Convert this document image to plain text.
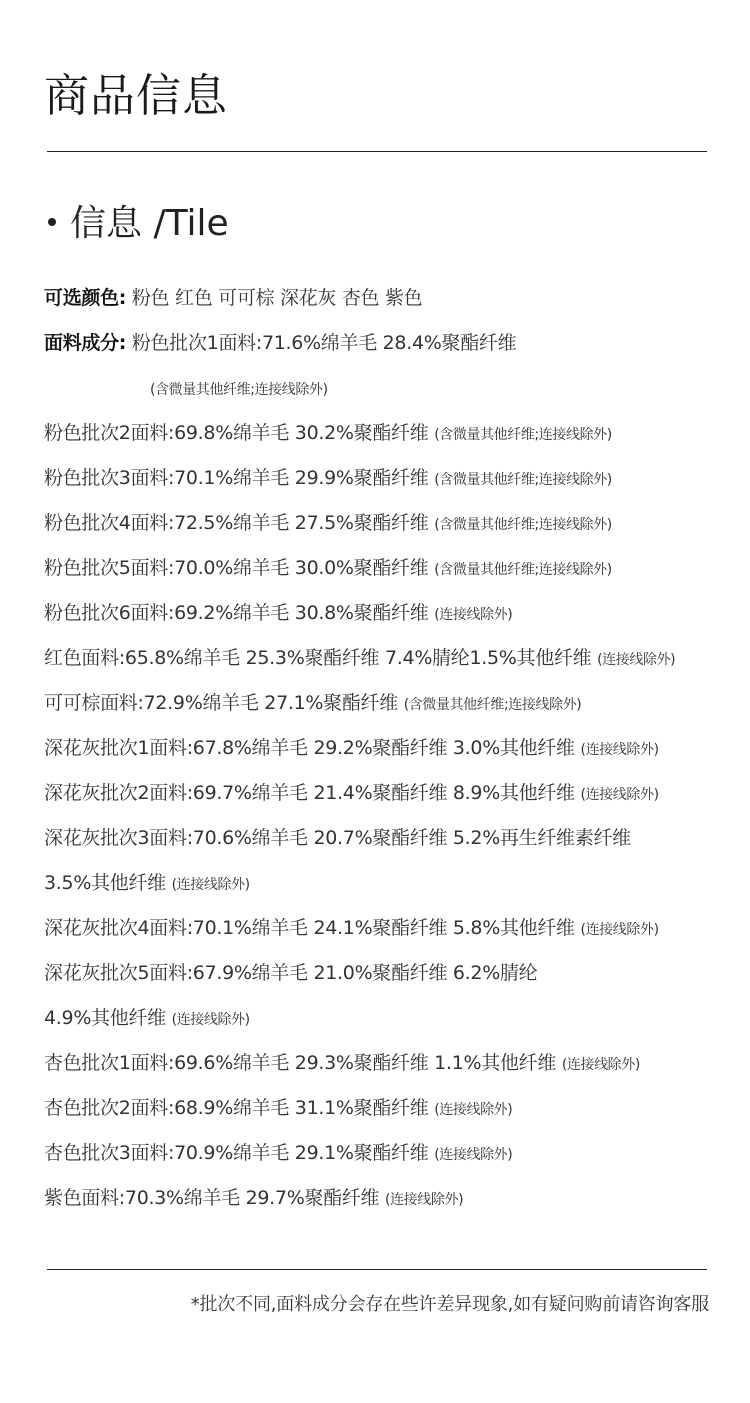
商品信息
信息 /Tile
可选颜色: 粉色 红色 可可棕 深花灰 杏色 紫色
面料成分: 粉色批次1面料:71.6%绵羊毛 28.4%聚酯纤维
(含微量其他纤维;连接线除外)
粉色批次2面料:69.8%绵羊毛 30.2%聚酯纤维 (含微量其他纤维;连接线除外)
粉色批次3面料:70.1%绵羊毛 29.9%聚酯纤维 (含微量其他纤维;连接线除外)
粉色批次4面料:72.5%绵羊毛 27.5%聚酯纤维 (含微量其他纤维;连接线除外)
粉色批次5面料:70.0%绵羊毛 30.0%聚酯纤维 (含微量其他纤维;连接线除外)
粉色批次6面料:69.2%绵羊毛 30.8%聚酯纤维 (连接线除外)
红色面料:65.8%绵羊毛 25.3%聚酯纤维 7.4%腈纶1.5%其他纤维 (连接线除外)
可可棕面料:72.9%绵羊毛 27.1%聚酯纤维 (含微量其他纤维;连接线除外)
深花灰批次1面料:67.8%绵羊毛 29.2%聚酯纤维 3.0%其他纤维 (连接线除外)
深花灰批次2面料:69.7%绵羊毛 21.4%聚酯纤维 8.9%其他纤维 (连接线除外)
深花灰批次3面料:70.6%绵羊毛 20.7%聚酯纤维 5.2%再生纤维素纤维
3.5%其他纤维 (连接线除外)
深花灰批次4面料:70.1%绵羊毛 24.1%聚酯纤维 5.8%其他纤维 (连接线除外)
深花灰批次5面料:67.9%绵羊毛 21.0%聚酯纤维 6.2%腈纶
4.9%其他纤维 (连接线除外)
杏色批次1面料:69.6%绵羊毛 29.3%聚酯纤维 1.1%其他纤维 (连接线除外)
杏色批次2面料:68.9%绵羊毛 31.1%聚酯纤维 (连接线除外)
杏色批次3面料:70.9%绵羊毛 29.1%聚酯纤维 (连接线除外)
紫色面料:70.3%绵羊毛 29.7%聚酯纤维 (连接线除外)

*批次不同,面料成分会存在些许差异现象,如有疑问购前请咨询客服
